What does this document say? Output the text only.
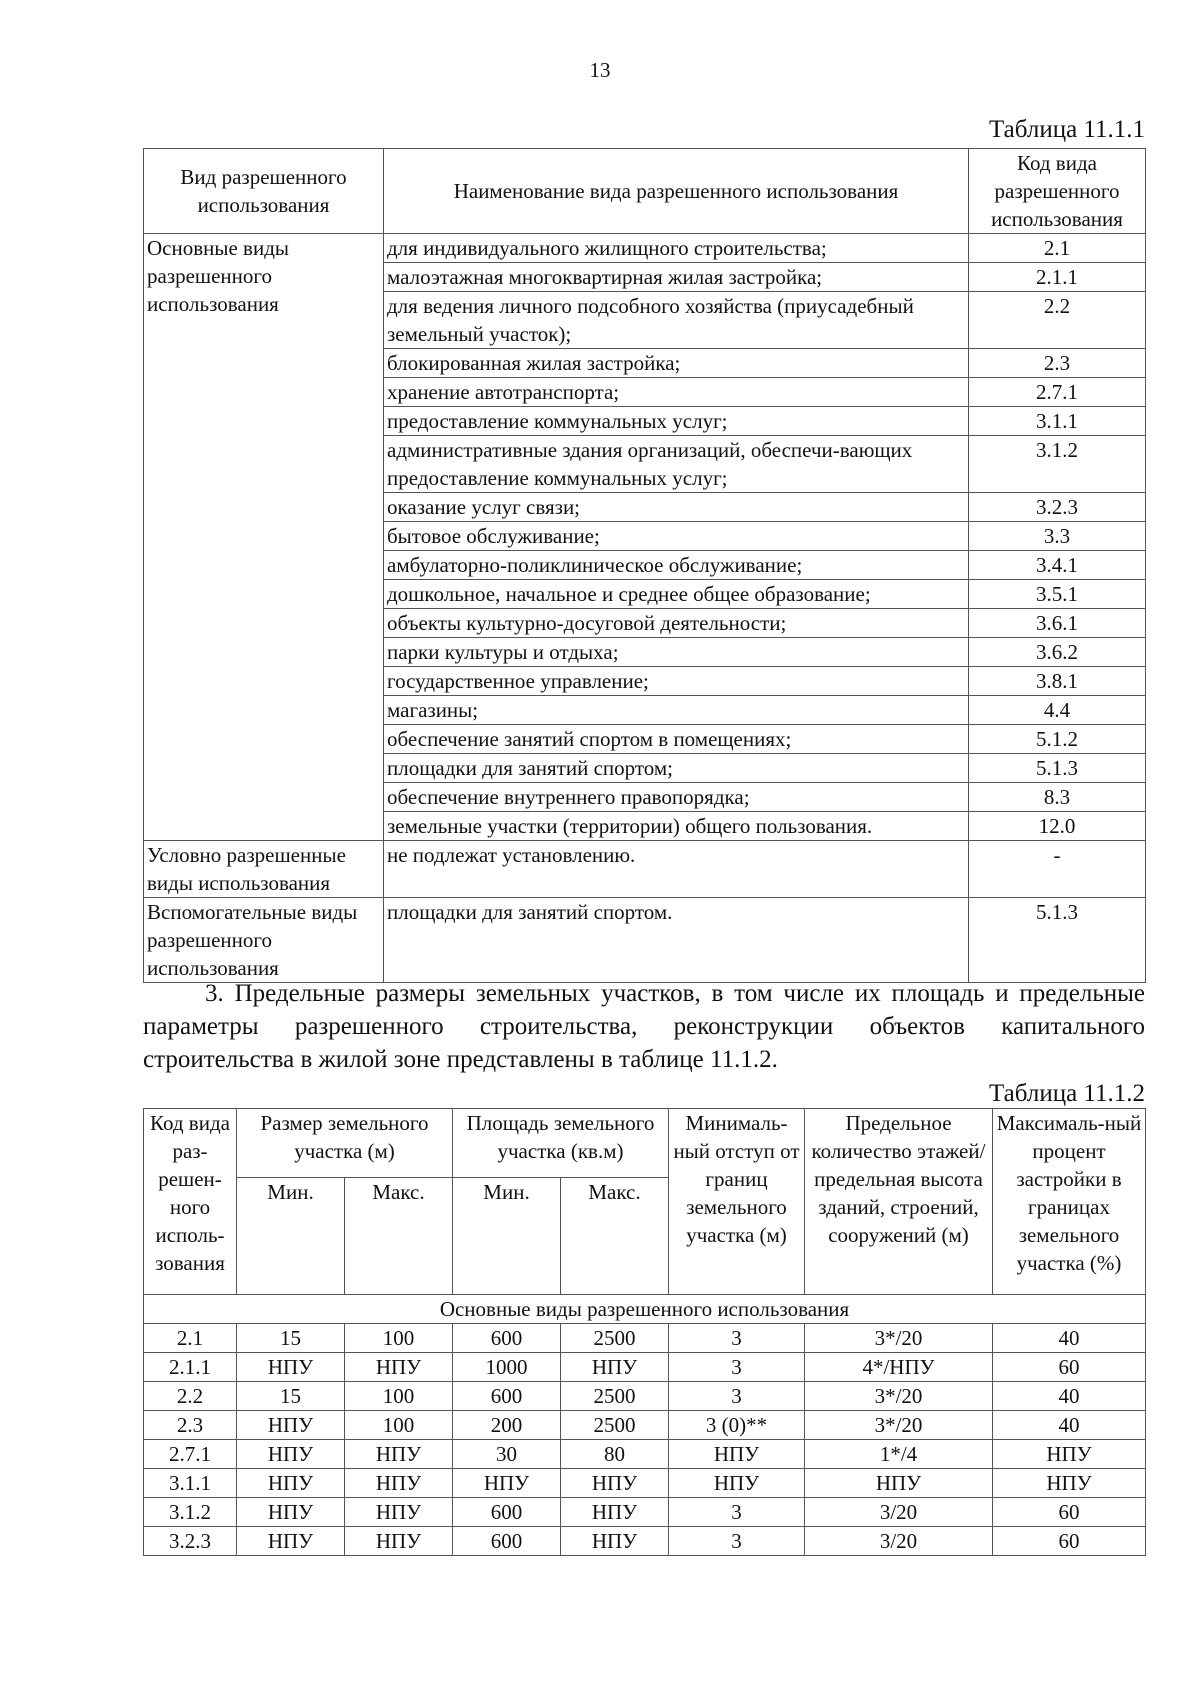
13
Таблица 11.1.1
Вид разрешенного использования	Наименование вида разрешенного использования	Код вида разрешенного использования
Основные виды разрешенного использования	для индивидуального жилищного строительства;	2.1
	малоэтажная многоквартирная жилая застройка;	2.1.1
	для ведения личного подсобного хозяйства (приусадебный земельный участок);	2.2
	блокированная жилая застройка;	2.3
	хранение автотранспорта;	2.7.1
	предоставление коммунальных услуг;	3.1.1
	административные здания организаций, обеспечи-вающих предоставление коммунальных услуг;	3.1.2
	оказание услуг связи;	3.2.3
	бытовое обслуживание;	3.3
	амбулаторно-поликлиническое обслуживание;	3.4.1
	дошкольное, начальное и среднее общее образование;	3.5.1
	объекты культурно-досуговой деятельности;	3.6.1
	парки культуры и отдыха;	3.6.2
	государственное управление;	3.8.1
	магазины;	4.4
	обеспечение занятий спортом в помещениях;	5.1.2
	площадки для занятий спортом;	5.1.3
	обеспечение внутреннего правопорядка;	8.3
	земельные участки (территории) общего пользования.	12.0
Условно разрешенные виды использования	не подлежат установлению.	-
Вспомогательные виды разрешенного использования	площадки для занятий спортом.	5.1.3

3. Предельные размеры земельных участков, в том числе их площадь и предельные параметры разрешенного строительства, реконструкции объектов капитального строительства в жилой зоне представлены в таблице 11.1.2.

Таблица 11.1.2
Код вида раз-решен-ного исполь-зования	Размер земельного участка (м)		Площадь земельного участка (кв.м)		Минималь-ный отступ от границ земельного участка (м)	Предельное количество этажей/ предельная высота зданий, строений, сооружений (м)	Максималь-ный процент застройки в границах земельного участка (%)
	Мин.	Макс.	Мин.	Макс.			
Основные виды разрешенного использования							
2.1	15	100	600	2500	3	3*/20	40
2.1.1	НПУ	НПУ	1000	НПУ	3	4*/НПУ	60
2.2	15	100	600	2500	3	3*/20	40
2.3	НПУ	100	200	2500	3 (0)**	3*/20	40
2.7.1	НПУ	НПУ	30	80	НПУ	1*/4	НПУ
3.1.1	НПУ	НПУ	НПУ	НПУ	НПУ	НПУ	НПУ
3.1.2	НПУ	НПУ	600	НПУ	3	3/20	60
3.2.3	НПУ	НПУ	600	НПУ	3	3/20	60
